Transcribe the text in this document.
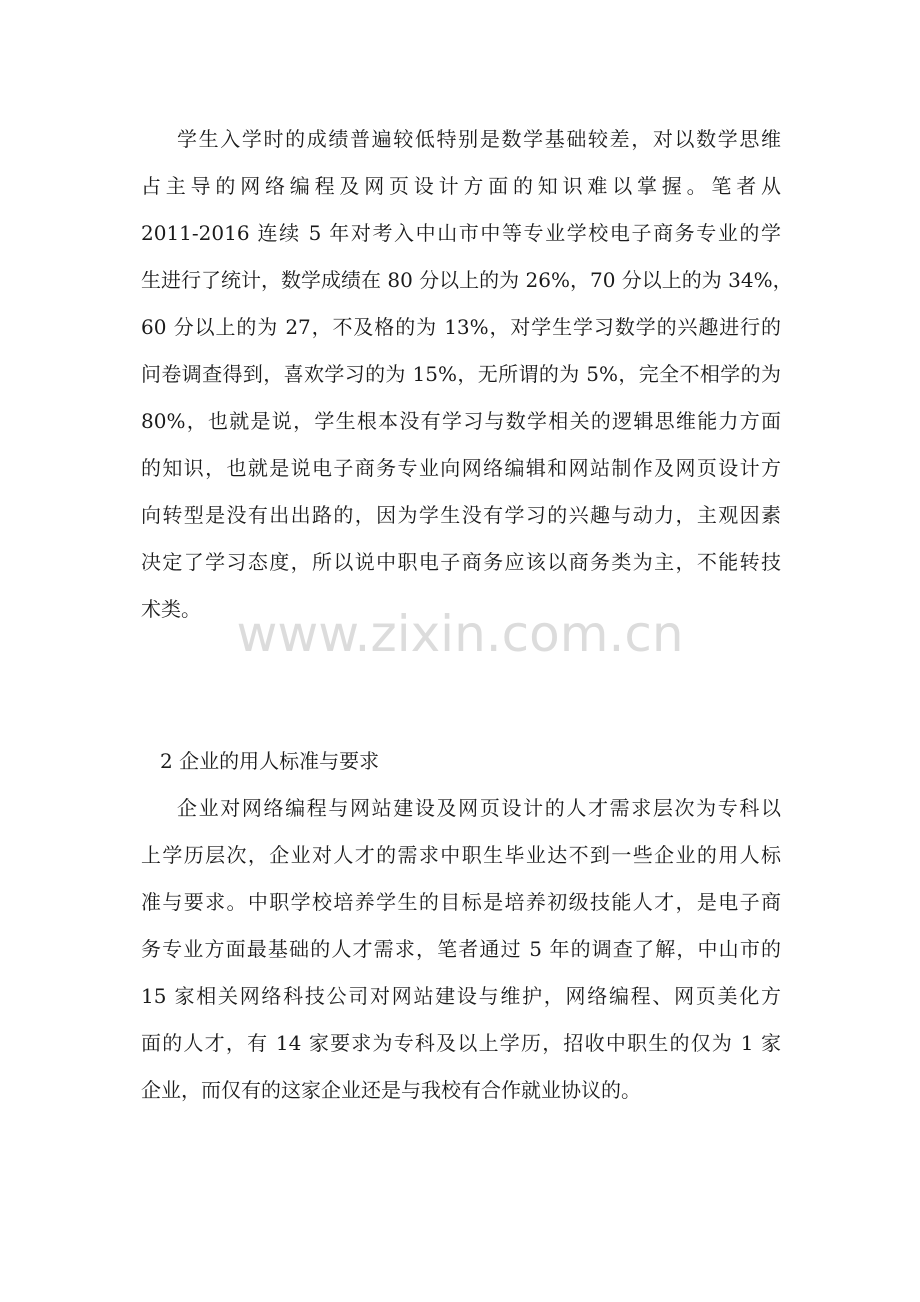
学生入学时的成绩普遍较低特别是数学基础较差，对以数学思维
占主导的网络编程及网页设计方面的知识难以掌握。笔者从
2011-2016 连续 5 年对考入中山市中等专业学校电子商务专业的学
生进行了统计，数学成绩在 80 分以上的为 26%，70 分以上的为 34%，
60 分以上的为 27，不及格的为 13%，对学生学习数学的兴趣进行的
问卷调查得到，喜欢学习的为 15%，无所谓的为 5%，完全不相学的为
80%，也就是说，学生根本没有学习与数学相关的逻辑思维能力方面
的知识，也就是说电子商务专业向网络编辑和网站制作及网页设计方
向转型是没有出出路的，因为学生没有学习的兴趣与动力，主观因素
决定了学习态度，所以说中职电子商务应该以商务类为主，不能转技
术类。 www.zixin.com.cn
2 企业的用人标准与要求
企业对网络编程与网站建设及网页设计的人才需求层次为专科以
上学历层次，企业对人才的需求中职生毕业达不到一些企业的用人标
准与要求。中职学校培养学生的目标是培养初级技能人才，是电子商
务专业方面最基础的人才需求，笔者通过 5 年的调查了解，中山市的
15 家相关网络科技公司对网站建设与维护，网络编程、网页美化方
面的人才，有 14 家要求为专科及以上学历，招收中职生的仅为 1 家
企业，而仅有的这家企业还是与我校有合作就业协议的。
